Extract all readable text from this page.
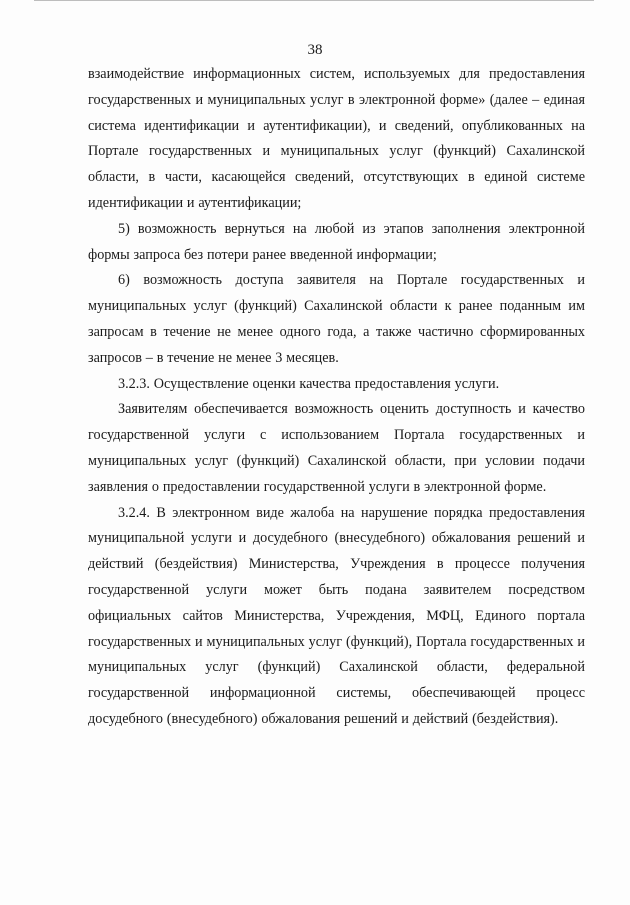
38

взаимодействие информационных систем, используемых для предоставления государственных и муниципальных услуг в электронной форме» (далее – единая система идентификации и аутентификации), и сведений, опубликованных на Портале государственных и муниципальных услуг (функций) Сахалинской области, в части, касающейся сведений, отсутствующих в единой системе идентификации и аутентификации;

5) возможность вернуться на любой из этапов заполнения электронной формы запроса без потери ранее введенной информации;

6) возможность доступа заявителя на Портале государственных и муниципальных услуг (функций) Сахалинской области к ранее поданным им запросам в течение не менее одного года, а также частично сформированных запросов – в течение не менее 3 месяцев.

3.2.3. Осуществление оценки качества предоставления услуги.

Заявителям обеспечивается возможность оценить доступность и качество государственной услуги с использованием Портала государственных и муниципальных услуг (функций) Сахалинской области, при условии подачи заявления о предоставлении государственной услуги в электронной форме.

3.2.4. В электронном виде жалоба на нарушение порядка предоставления муниципальной услуги и досудебного (внесудебного) обжалования решений и действий (бездействия) Министерства, Учреждения в процессе получения государственной услуги может быть подана заявителем посредством официальных сайтов Министерства, Учреждения, МФЦ, Единого портала государственных и муниципальных услуг (функций), Портала государственных и муниципальных услуг (функций) Сахалинской области, федеральной государственной информационной системы, обеспечивающей процесс досудебного (внесудебного) обжалования решений и действий (бездействия).
